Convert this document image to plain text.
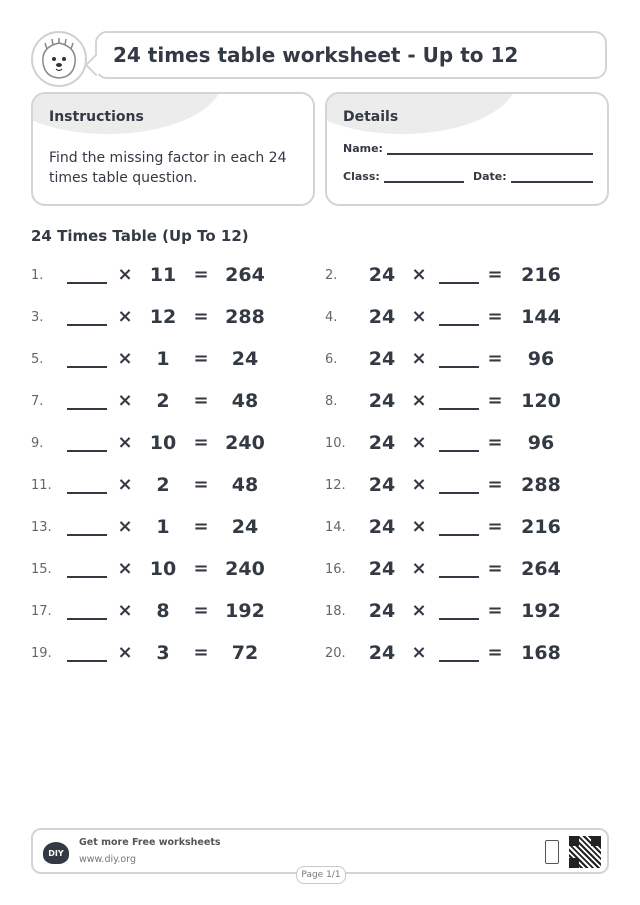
24 times table worksheet - Up to 12
Instructions
Find the missing factor in each 24 times table question.
Details
Name:
Class:	Date:
24 Times Table (Up To 12)
1.	× 11 = 264	2. 24 ×	= 216
3.	× 12 = 288	4. 24 ×	= 144
5.	×	1	=	24	6. 24 ×	=	96
7.	×	2	=	48	8. 24 ×	= 120
9.	× 10 = 240	10. 24 ×	=	96
11.	×	2	=	48	12. 24 ×	= 288
13.	×	1	=	24	14. 24 ×	= 216
15.	× 10 = 240	16. 24 ×	= 264
17.	×	8	= 192	18. 24 ×	= 192
19.	×	3	=	72	20. 24 ×	= 168
DIY
Get more Free worksheets
www.diy.org
Page 1/1
